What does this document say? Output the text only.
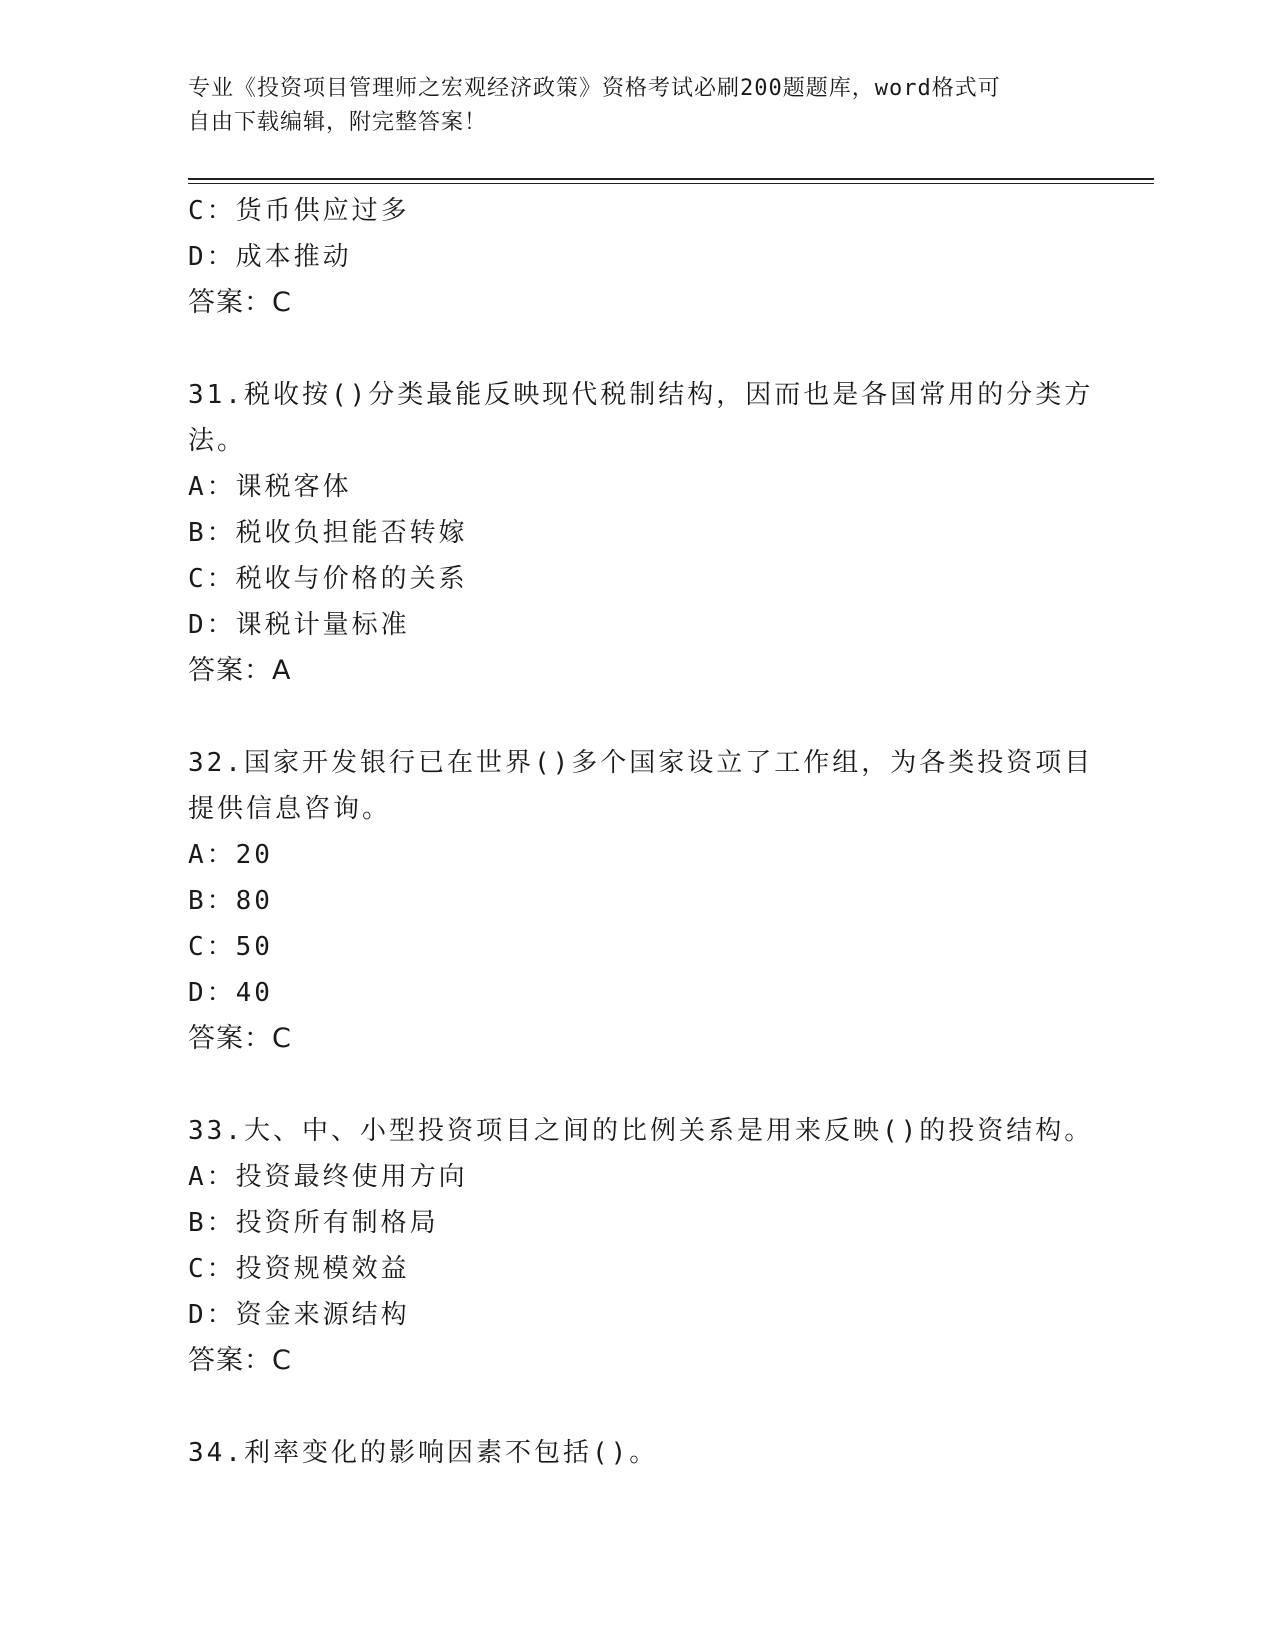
专业《投资项目管理师之宏观经济政策》资格考试必刷200题题库，word格式可
自由下载编辑，附完整答案！
C：货币供应过多
D：成本推动
答案：C
31.税收按()分类最能反映现代税制结构，因而也是各国常用的分类方
法。
A：课税客体
B：税收负担能否转嫁
C：税收与价格的关系
D：课税计量标准
答案：A
32.国家开发银行已在世界()多个国家设立了工作组，为各类投资项目
提供信息咨询。
A：20
B：80
C：50
D：40
答案：C
33.大、中、小型投资项目之间的比例关系是用来反映()的投资结构。
A：投资最终使用方向
B：投资所有制格局
C：投资规模效益
D：资金来源结构
答案：C
34.利率变化的影响因素不包括()。
